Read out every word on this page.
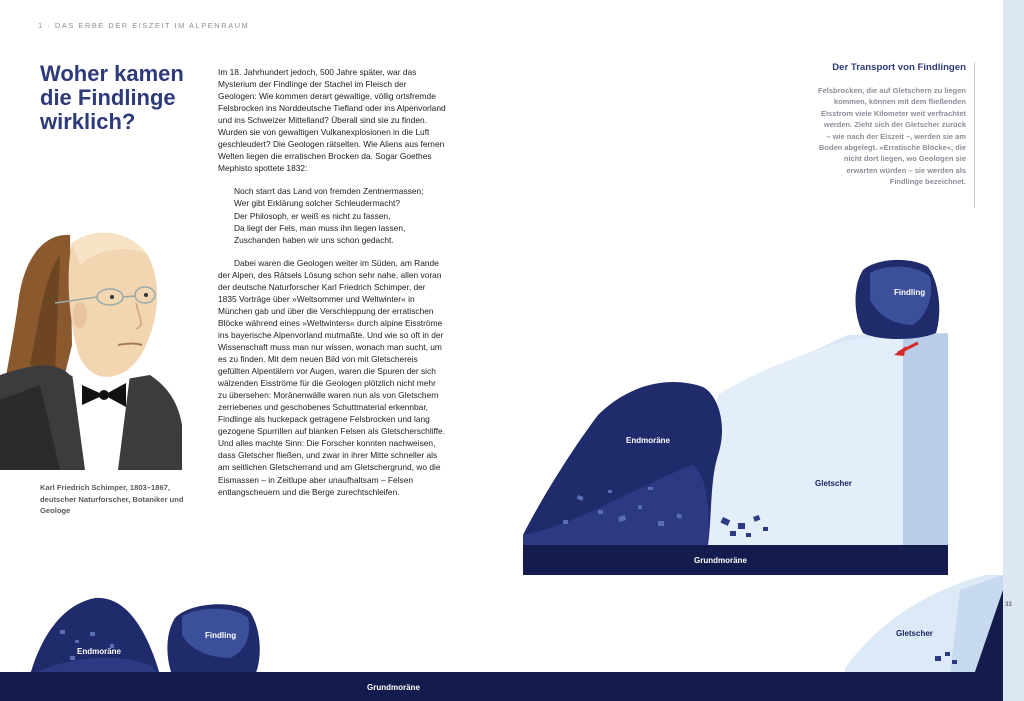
1 · DAS ERBE DER EISZEIT IM ALPENRAUM
Woher kamen die Findlinge wirklich?

Im 18. Jahrhundert jedoch, 500 Jahre später, war das Mysterium der Findlinge der Stachel im Fleisch der Geologen: Wie kommen derart gewaltige, völlig ortsfremde Felsbrocken ins Norddeutsche Tiefland oder ins Alpenvorland und ins Schweizer Mittelland? Überall sind sie zu finden. Wurden sie von gewaltigen Vulkanexplosionen in die Luft geschleudert? Die Geologen rätselten. Wie Aliens aus fernen Welten liegen die erratischen Brocken da. Sogar Goethes Mephisto spottete 1832:

Noch starrt das Land von fremden Zentnermassen;
Wer gibt Erklärung solcher Schleudermacht?
Der Philosoph, er weiß es nicht zu fassen,
Da liegt der Fels, man muss ihn liegen lassen,
Zuschanden haben wir uns schon gedacht.

Dabei waren die Geologen weiter im Süden, am Rande der Alpen, des Rätsels Lösung schon sehr nahe, allen voran der deutsche Naturforscher Karl Friedrich Schimper, der 1835 Vorträge über »Weltsommer und Weltwinter« in München gab und über die Verschleppung der erratischen Blöcke während eines »Weltwinters« durch alpine Eisströme ins bayerische Alpenvorland mutmaßte. Und wie so oft in der Wissenschaft muss man nur wissen, wonach man sucht, um es zu finden. Mit dem neuen Bild von mit Gletschereis gefüllten Alpentälern vor Augen, waren die Spuren der sich wälzenden Eisströme für die Geologen plötzlich nicht mehr zu übersehen: Moränenwälle waren nun als von Gletschern zerriebenes und geschobenes Schuttmaterial erkennbar, Findlinge als huckepack getragene Felsbrocken und lang gezogene Spurrillen auf blanken Felsen als Gletscherschliffe. Und alles machte Sinn: Die Forscher konnten nachweisen, dass Gletscher fließen, und zwar in ihrer Mitte schneller als am seitlichen Gletscherrand und am Gletschergrund, wo die Eismassen – in Zeitlupe aber unaufhaltsam – Felsen entlangscheuern und die Berge zurechtschleifen.

Karl Friedrich Schimper, 1803–1867, deutscher Naturforscher, Botaniker und Geologe

Der Transport von Findlingen

Felsbrocken, die auf Gletschern zu liegen kommen, können mit dem fließenden Eisstrom viele Kilometer weit verfrachtet werden. Zieht sich der Gletscher zurück – wie nach der Eiszeit –, werden sie am Boden abgelegt. »Erratische Blöcke«, die nicht dort liegen, wo Geologen sie erwarten würden – sie werden als Findlinge bezeichnet.

Findling
Endmoräne
Gletscher
Grundmoräne
Endmoräne
Findling	Gletscher
Grundmoräne
33
